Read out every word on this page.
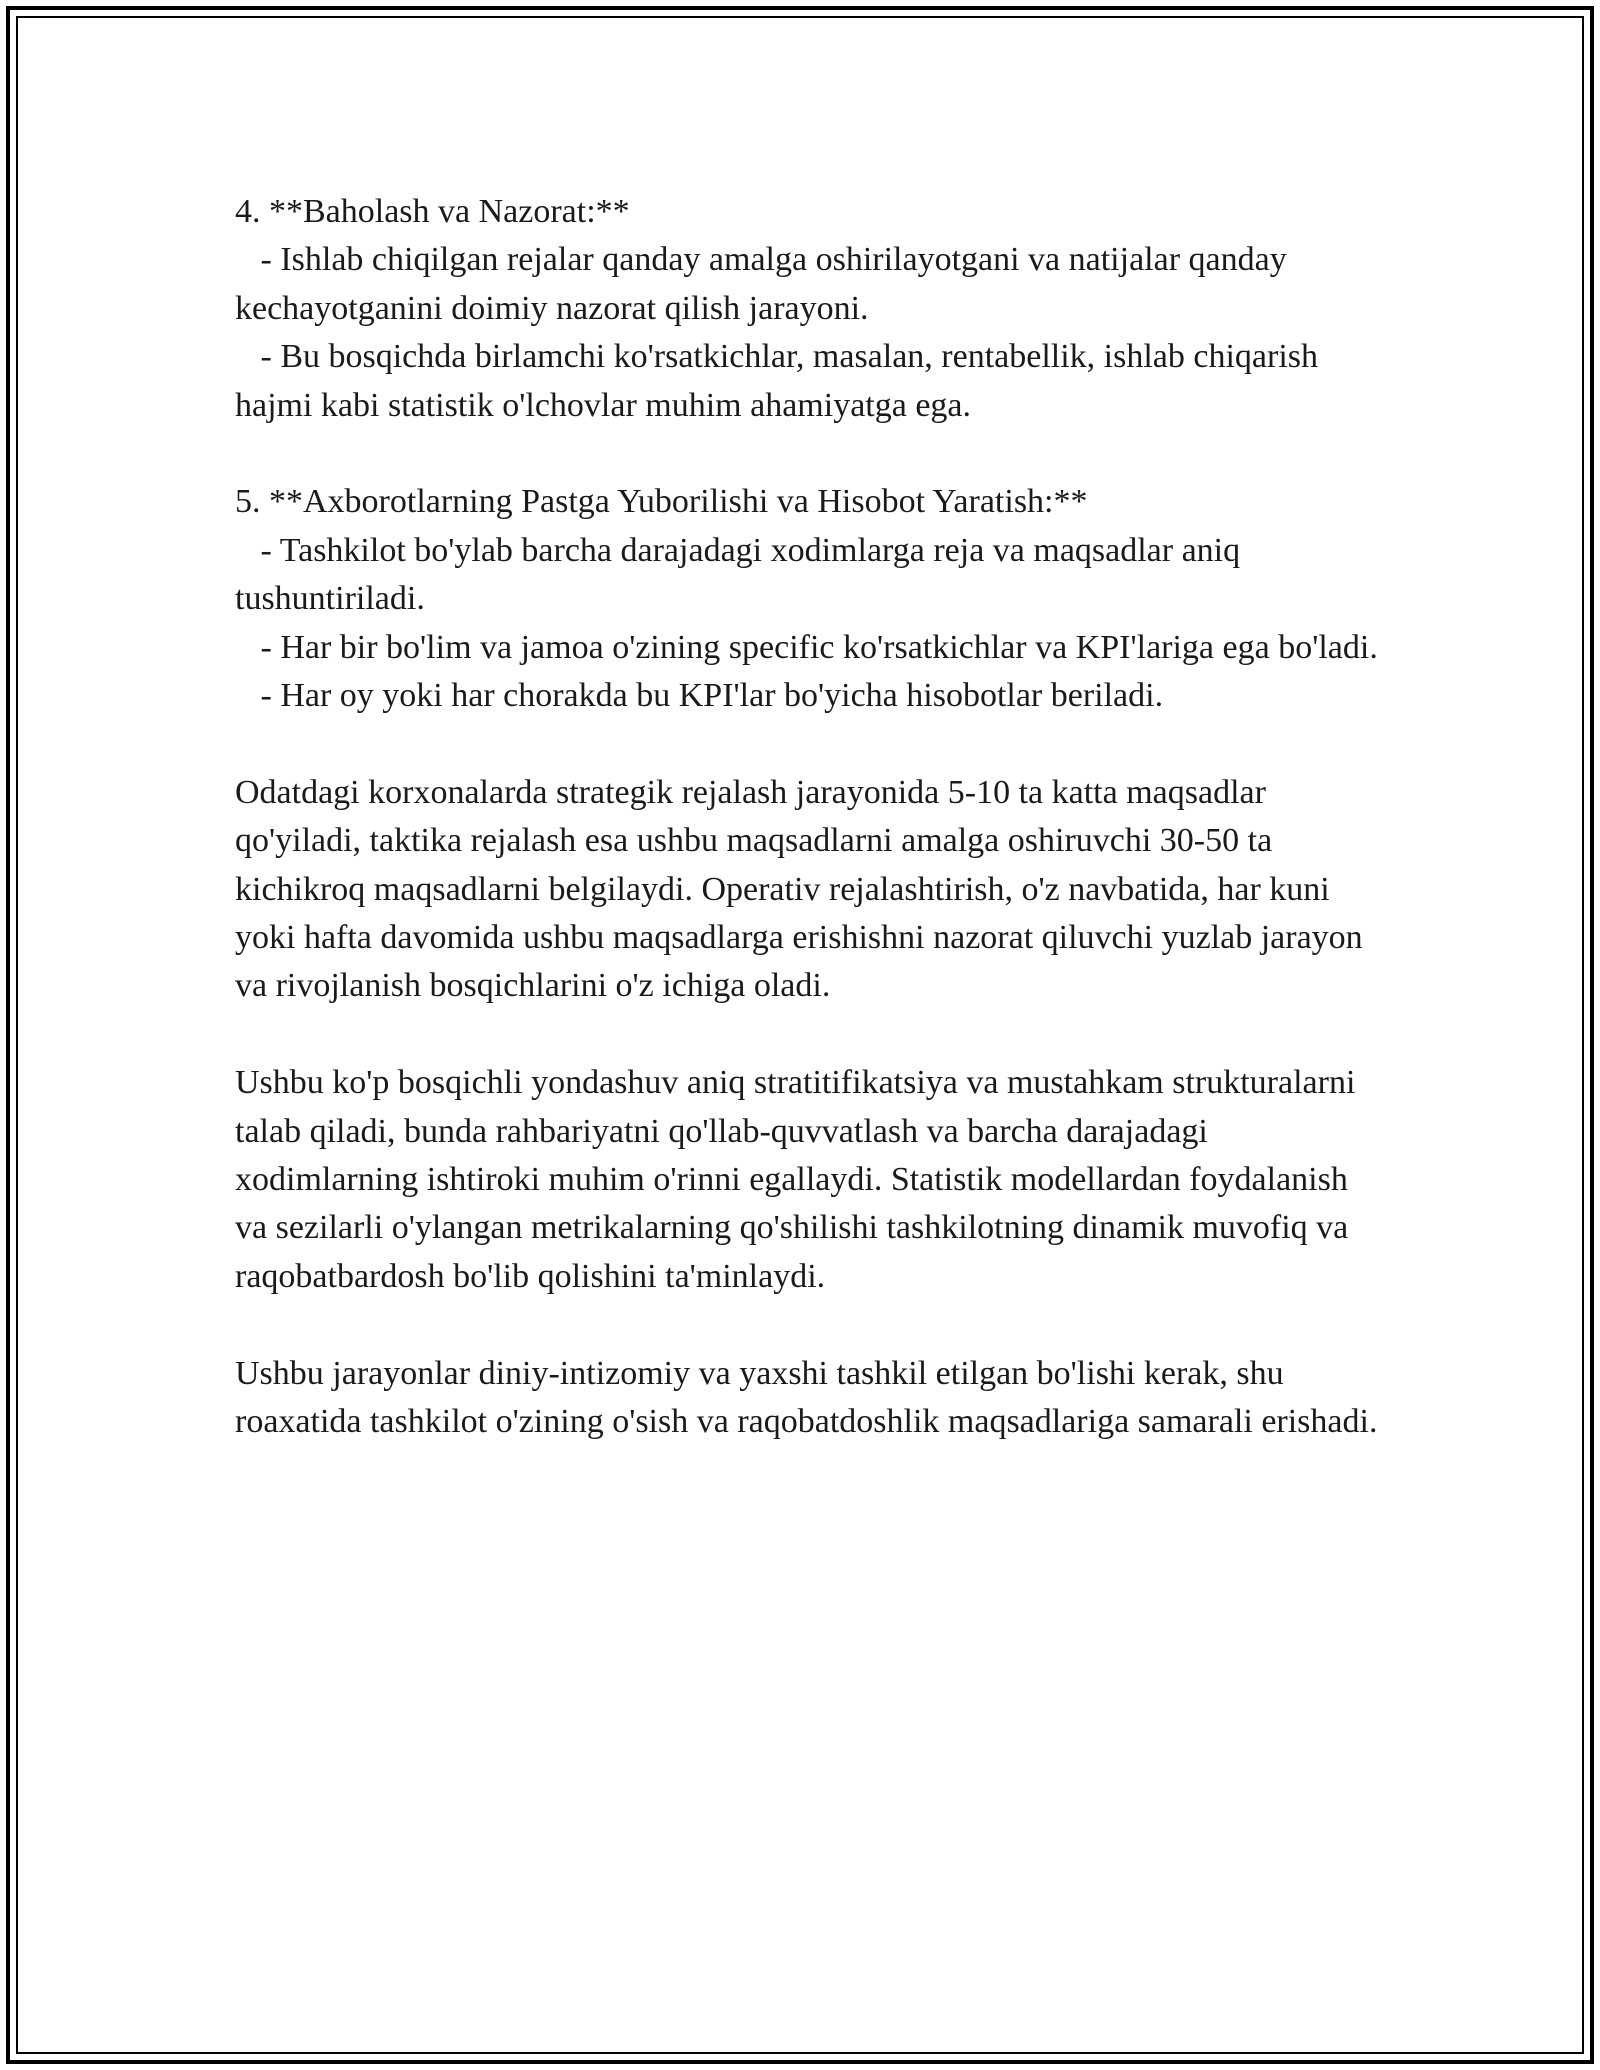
4. **Baholash va Nazorat:**

- Ishlab chiqilgan rejalar qanday amalga oshirilayotgani va natijalar qanday kechayotganini doimiy nazorat qilish jarayoni.

- Bu bosqichda birlamchi ko'rsatkichlar, masalan, rentabellik, ishlab chiqarish hajmi kabi statistik o'lchovlar muhim ahamiyatga ega.

5. **Axborotlarning Pastga Yuborilishi va Hisobot Yaratish:**

- Tashkilot bo'ylab barcha darajadagi xodimlarga reja va maqsadlar aniq tushuntiriladi.

- Har bir bo'lim va jamoa o'zining specific ko'rsatkichlar va KPI'lariga ega bo'ladi.

- Har oy yoki har chorakda bu KPI'lar bo'yicha hisobotlar beriladi.

Odatdagi korxonalarda strategik rejalash jarayonida 5-10 ta katta maqsadlar qo'yiladi, taktika rejalash esa ushbu maqsadlarni amalga oshiruvchi 30-50 ta kichikroq maqsadlarni belgilaydi. Operativ rejalashtirish, o'z navbatida, har kuni yoki hafta davomida ushbu maqsadlarga erishishni nazorat qiluvchi yuzlab jarayon va rivojlanish bosqichlarini o'z ichiga oladi.

Ushbu ko'p bosqichli yondashuv aniq stratitifikatsiya va mustahkam strukturalarni talab qiladi, bunda rahbariyatni qo'llab-quvvatlash va barcha darajadagi xodimlarning ishtiroki muhim o'rinni egallaydi. Statistik modellardan foydalanish va sezilarli o'ylangan metrikalarning qo'shilishi tashkilotning dinamik muvofiq va raqobatbardosh bo'lib qolishini ta'minlaydi.

Ushbu jarayonlar diniy-intizomiy va yaxshi tashkil etilgan bo'lishi kerak, shu roaxatida tashkilot o'zining o'sish va raqobatdoshlik maqsadlariga samarali erishadi.
